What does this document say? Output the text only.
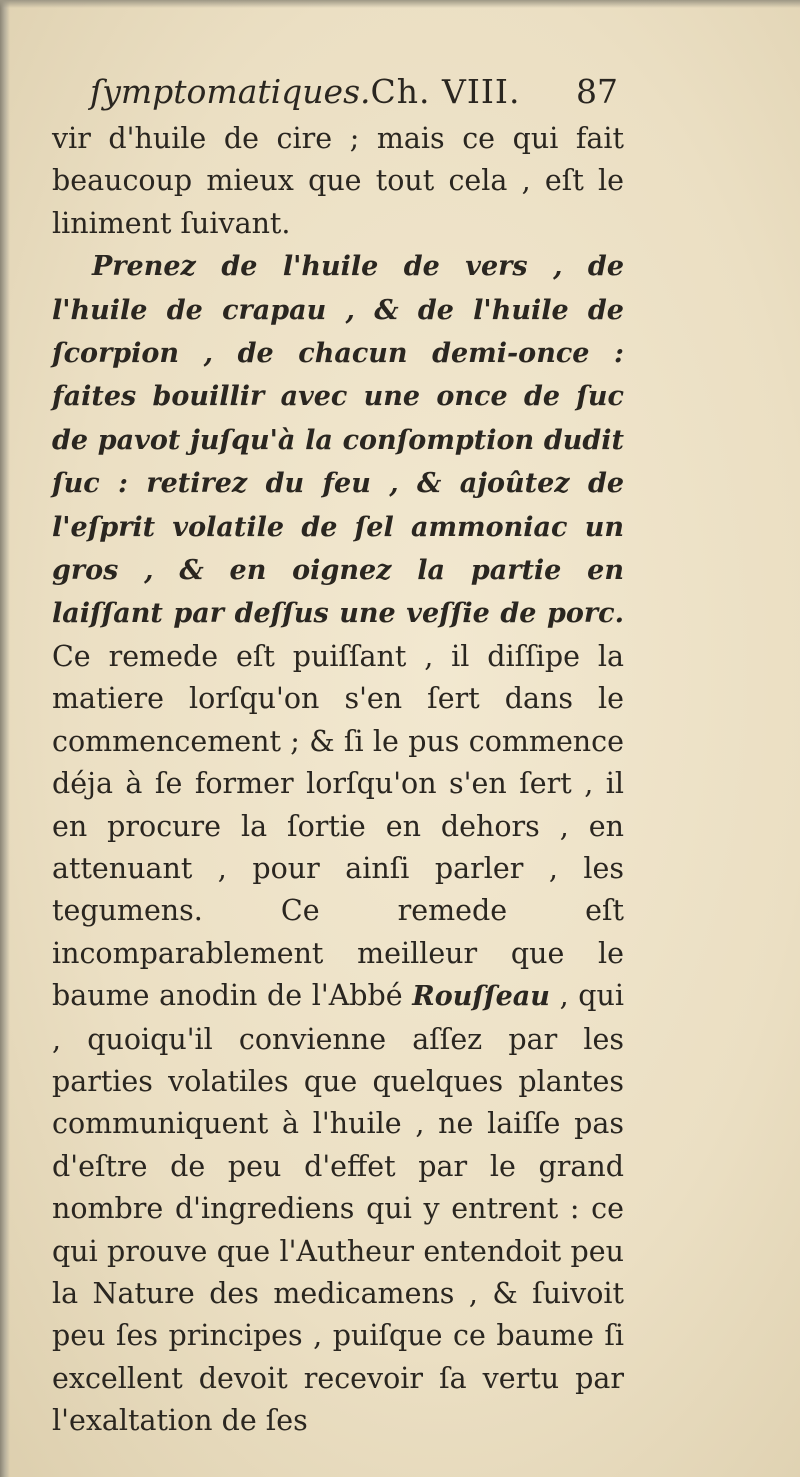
ſymptomatiques.Ch. VIII. 87

vir d'huile de cire ; mais ce qui fait beaucoup mieux que tout cela , eſt le liniment ſuivant.

Prenez de l'huile de vers , de l'huile de crapau , & de l'huile de ſcorpion , de chacun demi-once : faites bouillir avec une once de ſuc de pavot juſqu'à la conſomption dudit ſuc : retirez du feu , & ajoûtez de l'eſprit volatile de ſel ammoniac un gros , & en oignez la partie en laiſſant par deſſus une veſſie de porc. Ce remede eſt puiſſant , il diſſipe la matiere lorſqu'on s'en ſert dans le commencement ; & ſi le pus commence déja à ſe former lorſqu'on s'en ſert , il en procure la ſortie en dehors , en attenuant , pour ainſi parler , les tegumens. Ce remede eſt incomparablement meilleur que le baume anodin de l'Abbé Rouſſeau , qui , quoiqu'il convienne aſſez par les parties volatiles que quelques plantes communiquent à l'huile , ne laiſſe pas d'eſtre de peu d'effet par le grand nombre d'ingrediens qui y entrent : ce qui prouve que l'Autheur entendoit peu la Nature des medicamens , & ſuivoit peu ſes principes , puiſque ce baume ſi excellent devoit recevoir ſa vertu par l'exaltation de ſes
